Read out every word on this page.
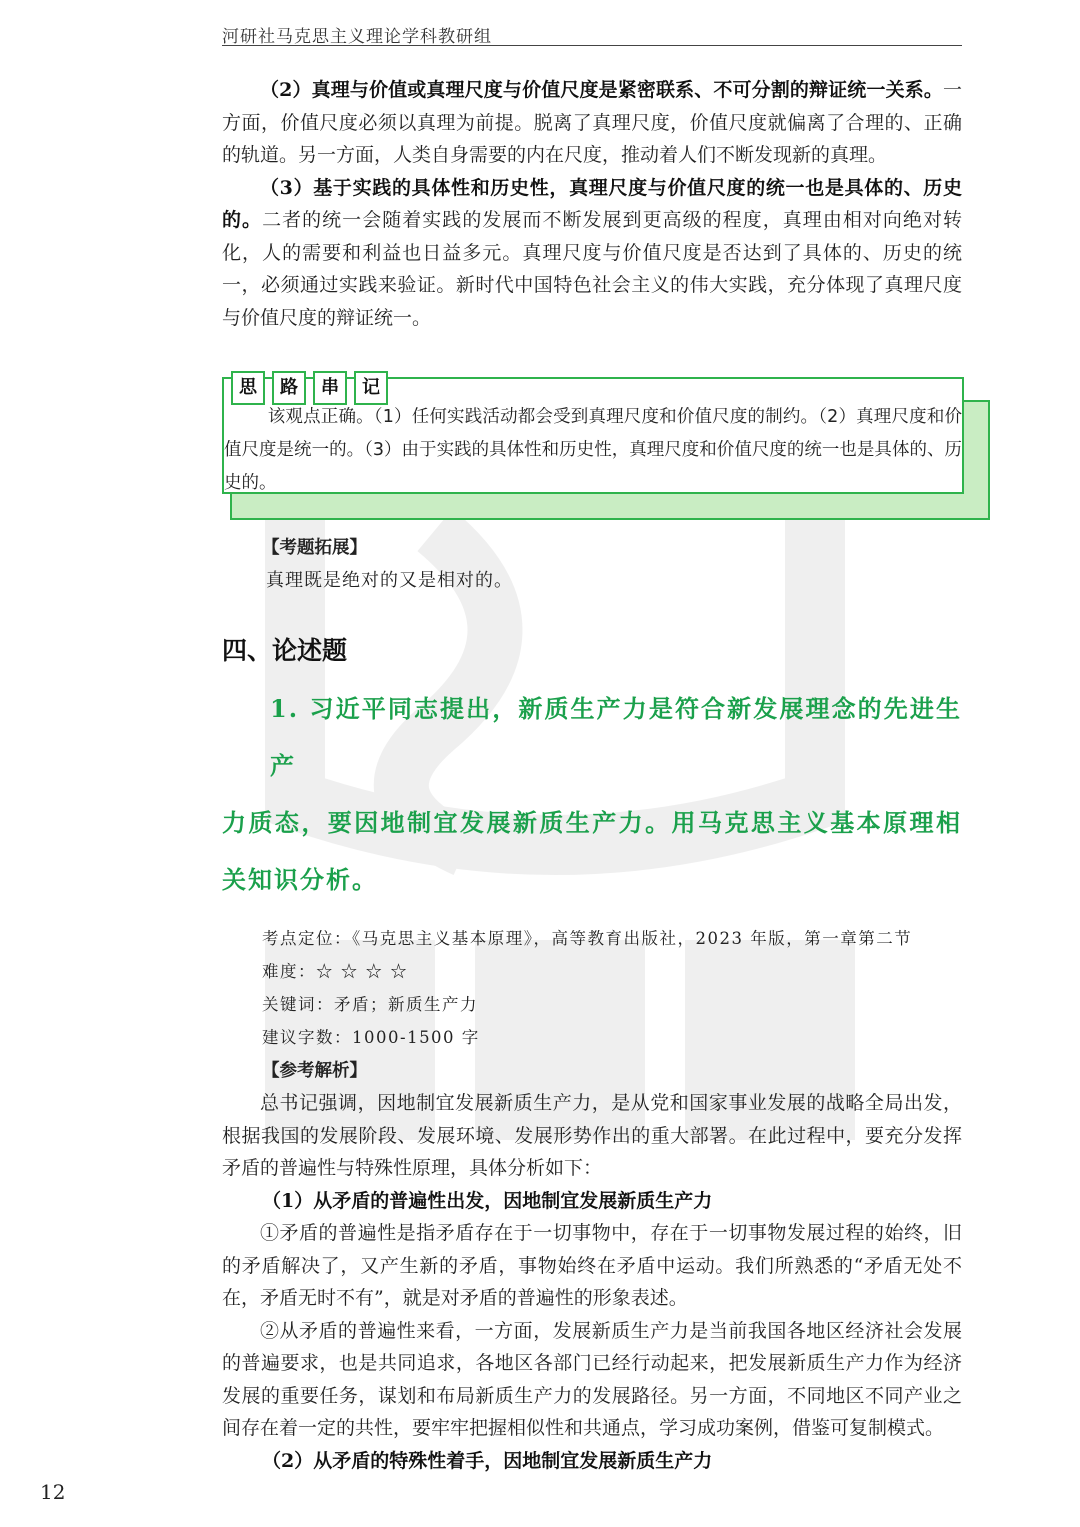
河研社马克思主义理论学科教研组

（2）真理与价值或真理尺度与价值尺度是紧密联系、不可分割的辩证统一关系。一方面，价值尺度必须以真理为前提。脱离了真理尺度，价值尺度就偏离了合理的、正确的轨道。另一方面，人类自身需要的内在尺度，推动着人们不断发现新的真理。

（3）基于实践的具体性和历史性，真理尺度与价值尺度的统一也是具体的、历史的。二者的统一会随着实践的发展而不断发展到更高级的程度，真理由相对向绝对转化，人的需要和利益也日益多元。真理尺度与价值尺度是否达到了具体的、历史的统一，必须通过实践来验证。新时代中国特色社会主义的伟大实践，充分体现了真理尺度与价值尺度的辩证统一。

思	路	串	记
该观点正确。（1）任何实践活动都会受到真理尺度和价值尺度的制约。（2）真理尺度和价值尺度是统一的。（3）由于实践的具体性和历史性，真理尺度和价值尺度的统一也是具体的、历史的。
【考题拓展】
真理既是绝对的又是相对的。
四、论述题
1. 习近平同志提出，新质生产力是符合新发展理念的先进生产
力质态，要因地制宜发展新质生产力。用马克思主义基本原理相关知识分析。
考点定位：《马克思主义基本原理》，高等教育出版社，2023 年版，第一章第二节
难度：☆ ☆ ☆ ☆
关键词：矛盾；新质生产力
建议字数：1000-1500 字
【参考解析】

总书记强调，因地制宜发展新质生产力，是从党和国家事业发展的战略全局出发，根据我国的发展阶段、发展环境、发展形势作出的重大部署。在此过程中，要充分发挥矛盾的普遍性与特殊性原理，具体分析如下：

（1）从矛盾的普遍性出发，因地制宜发展新质生产力

①矛盾的普遍性是指矛盾存在于一切事物中，存在于一切事物发展过程的始终，旧的矛盾解决了，又产生新的矛盾，事物始终在矛盾中运动。我们所熟悉的“矛盾无处不在，矛盾无时不有”，就是对矛盾的普遍性的形象表述。

②从矛盾的普遍性来看，一方面，发展新质生产力是当前我国各地区经济社会发展的普遍要求，也是共同追求，各地区各部门已经行动起来，把发展新质生产力作为经济发展的重要任务，谋划和布局新质生产力的发展路径。另一方面，不同地区不同产业之间存在着一定的共性，要牢牢把握相似性和共通点，学习成功案例，借鉴可复制模式。

（2）从矛盾的特殊性着手，因地制宜发展新质生产力

12
